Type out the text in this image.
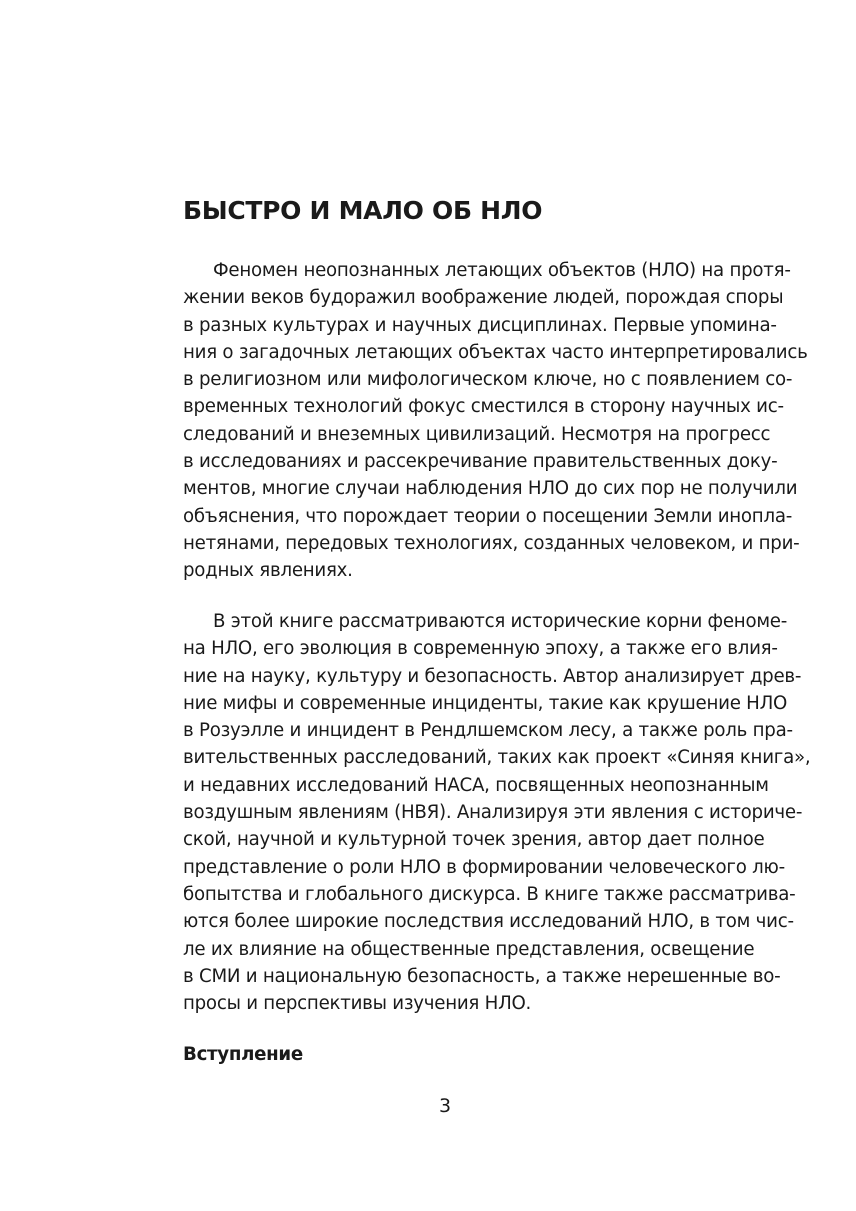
БЫСТРО И МАЛО ОБ НЛО
Феномен неопознанных летающих объектов (НЛО) на протя-
жении веков будоражил воображение людей, порождая споры
в разных культурах и научных дисциплинах. Первые упомина-
ния о загадочных летающих объектах часто интерпретировались
в религиозном или мифологическом ключе, но с появлением со-
временных технологий фокус сместился в сторону научных ис-
следований и внеземных цивилизаций. Несмотря на прогресс
в исследованиях и рассекречивание правительственных доку-
ментов, многие случаи наблюдения НЛО до сих пор не получили
объяснения, что порождает теории о посещении Земли инопла-
нетянами, передовых технологиях, созданных человеком, и при-
родных явлениях.
В этой книге рассматриваются исторические корни феноме-
на НЛО, его эволюция в современную эпоху, а также его влия-
ние на науку, культуру и безопасность. Автор анализирует древ-
ние мифы и современные инциденты, такие как крушение НЛО
в Розуэлле и инцидент в Рендлшемском лесу, а также роль пра-
вительственных расследований, таких как проект «Синяя книга»,
и недавних исследований НАСА, посвященных неопознанным
воздушным явлениям (НВЯ). Анализируя эти явления с историче-
ской, научной и культурной точек зрения, автор дает полное
представление о роли НЛО в формировании человеческого лю-
бопытства и глобального дискурса. В книге также рассматрива-
ются более широкие последствия исследований НЛО, в том чис-
ле их влияние на общественные представления, освещение
в СМИ и национальную безопасность, а также нерешенные во-
просы и перспективы изучения НЛО.
Вступление
3
